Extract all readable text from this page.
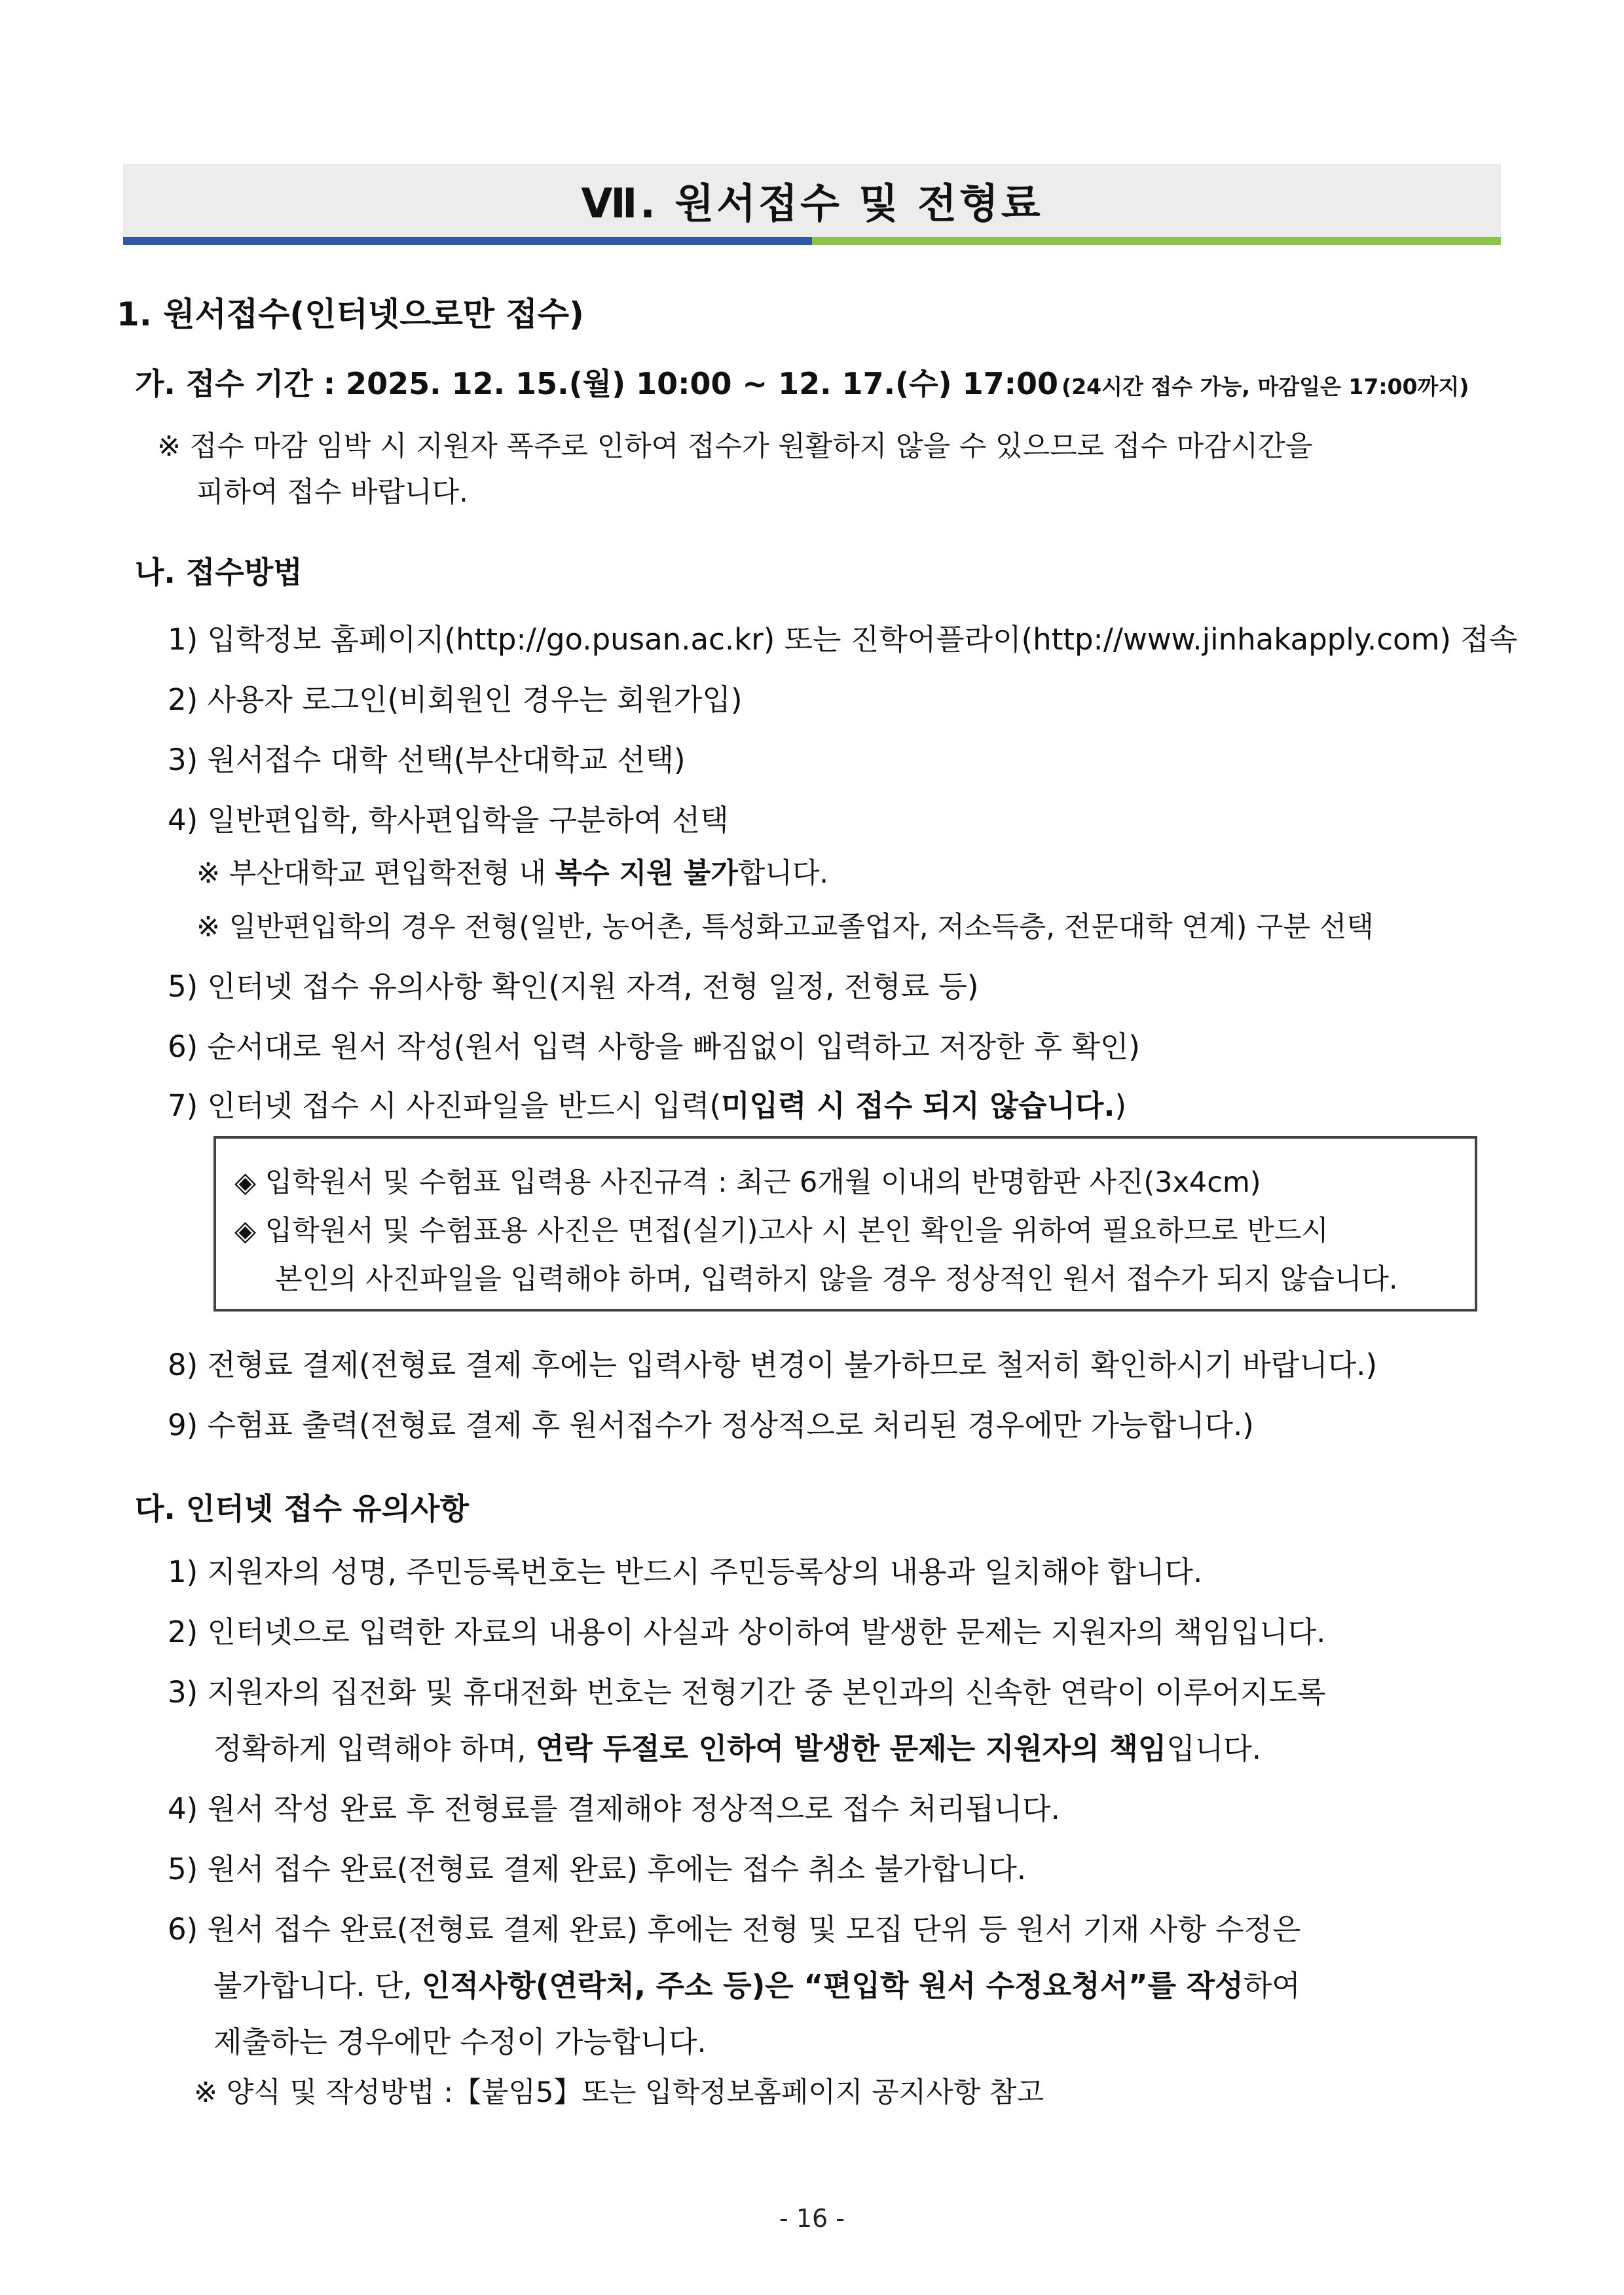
Ⅶ. 원서접수 및 전형료
1. 원서접수(인터넷으로만 접수)
가. 접수 기간 : 2025. 12. 15.(월) 10:00 ~ 12. 17.(수) 17:00 (24시간 접수 가능, 마감일은 17:00까지)
※ 접수 마감 임박 시 지원자 폭주로 인하여 접수가 원활하지 않을 수 있으므로 접수 마감시간을
피하여 접수 바랍니다.
나. 접수방법
1) 입학정보 홈페이지(http://go.pusan.ac.kr) 또는 진학어플라이(http://www.jinhakapply.com) 접속
2) 사용자 로그인(비회원인 경우는 회원가입)
3) 원서접수 대학 선택(부산대학교 선택)
4) 일반편입학, 학사편입학을 구분하여 선택
※ 부산대학교 편입학전형 내 복수 지원 불가합니다.
※ 일반편입학의 경우 전형(일반, 농어촌, 특성화고교졸업자, 저소득층, 전문대학 연계) 구분 선택
5) 인터넷 접수 유의사항 확인(지원 자격, 전형 일정, 전형료 등)
6) 순서대로 원서 작성(원서 입력 사항을 빠짐없이 입력하고 저장한 후 확인)
7) 인터넷 접수 시 사진파일을 반드시 입력(미입력 시 접수 되지 않습니다.)
◈ 입학원서 및 수험표 입력용 사진규격 : 최근 6개월 이내의 반명함판 사진(3x4cm)
◈ 입학원서 및 수험표용 사진은 면접(실기)고사 시 본인 확인을 위하여 필요하므로 반드시
본인의 사진파일을 입력해야 하며, 입력하지 않을 경우 정상적인 원서 접수가 되지 않습니다.
8) 전형료 결제(전형료 결제 후에는 입력사항 변경이 불가하므로 철저히 확인하시기 바랍니다.)
9) 수험표 출력(전형료 결제 후 원서접수가 정상적으로 처리된 경우에만 가능합니다.)
다. 인터넷 접수 유의사항
1) 지원자의 성명, 주민등록번호는 반드시 주민등록상의 내용과 일치해야 합니다.
2) 인터넷으로 입력한 자료의 내용이 사실과 상이하여 발생한 문제는 지원자의 책임입니다.
3) 지원자의 집전화 및 휴대전화 번호는 전형기간 중 본인과의 신속한 연락이 이루어지도록
정확하게 입력해야 하며, 연락 두절로 인하여 발생한 문제는 지원자의 책임입니다.
4) 원서 작성 완료 후 전형료를 결제해야 정상적으로 접수 처리됩니다.
5) 원서 접수 완료(전형료 결제 완료) 후에는 접수 취소 불가합니다.
6) 원서 접수 완료(전형료 결제 완료) 후에는 전형 및 모집 단위 등 원서 기재 사항 수정은
불가합니다. 단, 인적사항(연락처, 주소 등)은 “편입학 원서 수정요청서”를 작성하여
제출하는 경우에만 수정이 가능합니다.
※ 양식 및 작성방법 :【붙임5】또는 입학정보홈페이지 공지사항 참고
- 16 -
